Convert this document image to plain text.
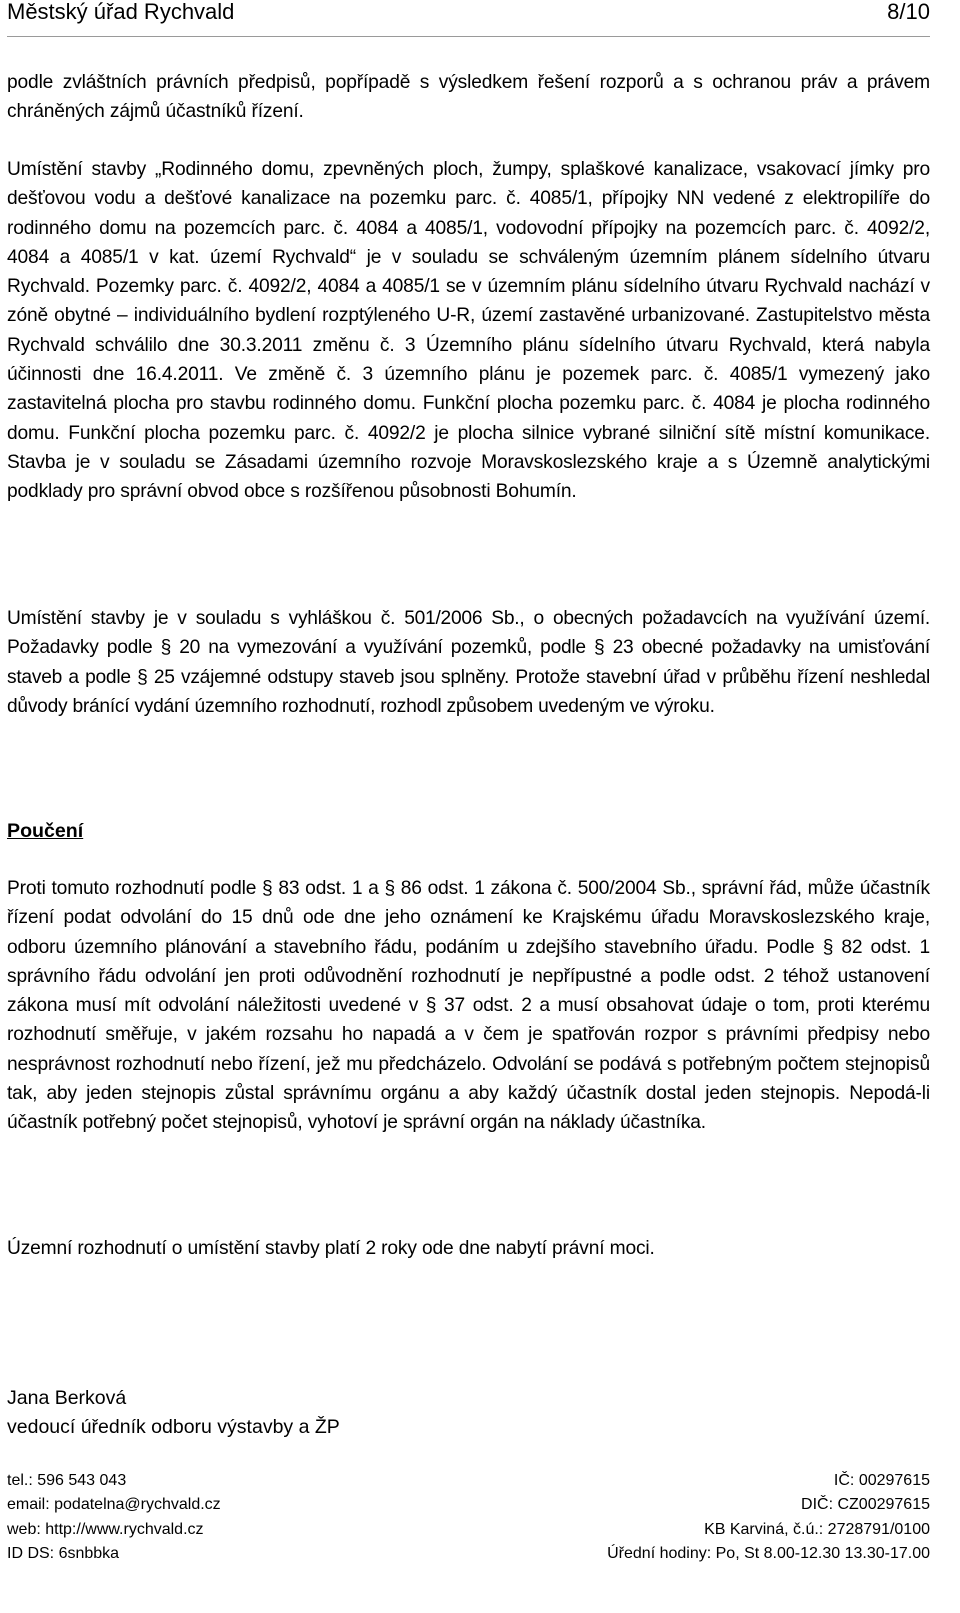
Městský úřad Rychvald	8/10

podle zvláštních právních předpisů, popřípadě s výsledkem řešení rozporů a s ochranou práv a právem chráněných zájmů účastníků řízení.

Umístění stavby „Rodinného domu, zpevněných ploch, žumpy, splaškové kanalizace, vsakovací jímky pro dešťovou vodu a dešťové kanalizace na pozemku parc. č. 4085/1, přípojky NN vedené z elektropilíře do rodinného domu na pozemcích parc. č. 4084 a 4085/1, vodovodní přípojky na pozemcích parc. č. 4092/2, 4084 a 4085/1 v kat. území Rychvald“ je v souladu se schváleným územním plánem sídelního útvaru Rychvald. Pozemky parc. č. 4092/2, 4084 a 4085/1 se v územním plánu sídelního útvaru Rychvald nachází v zóně obytné – individuálního bydlení rozptýleného U-R, území zastavěné urbanizované. Zastupitelstvo města Rychvald schválilo dne 30.3.2011 změnu č. 3 Územního plánu sídelního útvaru Rychvald, která nabyla účinnosti dne 16.4.2011. Ve změně č. 3 územního plánu je pozemek parc. č. 4085/1 vymezený jako zastavitelná plocha pro stavbu rodinného domu. Funkční plocha pozemku parc. č. 4084 je plocha rodinného domu. Funkční plocha pozemku parc. č. 4092/2 je plocha silnice vybrané silniční sítě místní komunikace. Stavba je v souladu se Zásadami územního rozvoje Moravskoslezského kraje a s Územně analytickými podklady pro správní obvod obce s rozšířenou působnosti Bohumín.

Umístění stavby je v souladu s vyhláškou č. 501/2006 Sb., o obecných požadavcích na využívání území. Požadavky podle § 20 na vymezování a využívání pozemků, podle § 23 obecné požadavky na umisťování staveb a podle § 25 vzájemné odstupy staveb jsou splněny. Protože stavební úřad v průběhu řízení neshledal důvody bránící vydání územního rozhodnutí, rozhodl způsobem uvedeným ve výroku.

Poučení

Proti tomuto rozhodnutí podle § 83 odst. 1 a § 86 odst. 1 zákona č. 500/2004 Sb., správní řád, může účastník řízení podat odvolání do 15 dnů ode dne jeho oznámení ke Krajskému úřadu Moravskoslezského kraje, odboru územního plánování a stavebního řádu, podáním u zdejšího stavebního úřadu. Podle § 82 odst. 1 správního řádu odvolání jen proti odůvodnění rozhodnutí je nepřípustné a podle odst. 2 téhož ustanovení zákona musí mít odvolání náležitosti uvedené v § 37 odst. 2 a musí obsahovat údaje o tom, proti kterému rozhodnutí směřuje, v jakém rozsahu ho napadá a v čem je spatřován rozpor s právními předpisy nebo nesprávnost rozhodnutí nebo řízení, jež mu předcházelo. Odvolání se podává s potřebným počtem stejnopisů tak, aby jeden stejnopis zůstal správnímu orgánu a aby každý účastník dostal jeden stejnopis. Nepodá-li účastník potřebný počet stejnopisů, vyhotoví je správní orgán na náklady účastníka.

Územní rozhodnutí o umístění stavby platí 2 roky ode dne nabytí právní moci.

Jana Berková

vedoucí úředník odboru výstavby a ŽP

tel.: 596 543 043	IČ: 00297615
email: podatelna@rychvald.cz	DIČ: CZ00297615
web: http://www.rychvald.cz	KB Karviná, č.ú.: 2728791/0100
ID DS: 6snbbka	Úřední hodiny: Po, St 8.00-12.30 13.30-17.00
